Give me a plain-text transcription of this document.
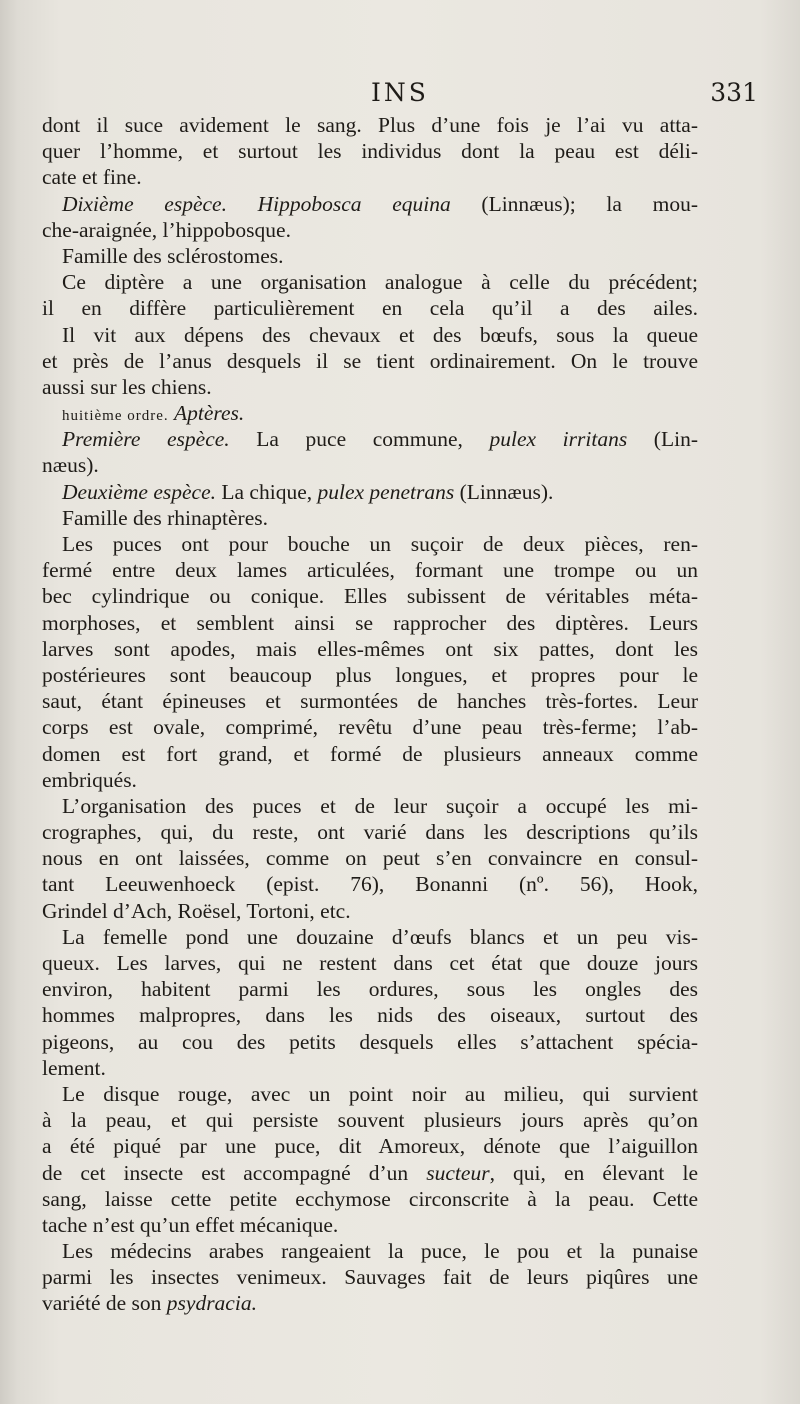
INS	331
dont il suce avidement le sang. Plus d’une fois je l’ai vu atta-
quer l’homme, et surtout les individus dont la peau est déli-
cate et fine.
Dixième espèce. Hippobosca equina (Linnæus); la mou-
che-araignée, l’hippobosque.
Famille des sclérostomes.
Ce diptère a une organisation analogue à celle du précédent;
il en diffère particulièrement en cela qu’il a des ailes.
Il vit aux dépens des chevaux et des bœufs, sous la queue
et près de l’anus desquels il se tient ordinairement. On le trouve
aussi sur les chiens.
huitième ordre. Aptères.
Première espèce. La puce commune, pulex irritans (Lin-
næus).
Deuxième espèce. La chique, pulex penetrans (Linnæus).
Famille des rhinaptères.
Les puces ont pour bouche un suçoir de deux pièces, ren-
fermé entre deux lames articulées, formant une trompe ou un
bec cylindrique ou conique. Elles subissent de véritables méta-
morphoses, et semblent ainsi se rapprocher des diptères. Leurs
larves sont apodes, mais elles-mêmes ont six pattes, dont les
postérieures sont beaucoup plus longues, et propres pour le
saut, étant épineuses et surmontées de hanches très-fortes. Leur
corps est ovale, comprimé, revêtu d’une peau très-ferme; l’ab-
domen est fort grand, et formé de plusieurs anneaux comme
embriqués.
L’organisation des puces et de leur suçoir a occupé les mi-
crographes, qui, du reste, ont varié dans les descriptions qu’ils
nous en ont laissées, comme on peut s’en convaincre en consul-
tant Leeuwenhoeck (epist. 76), Bonanni (nº. 56), Hook,
Grindel d’Ach, Roësel, Tortoni, etc.
La femelle pond une douzaine d’œufs blancs et un peu vis-
queux. Les larves, qui ne restent dans cet état que douze jours
environ, habitent parmi les ordures, sous les ongles des
hommes malpropres, dans les nids des oiseaux, surtout des
pigeons, au cou des petits desquels elles s’attachent spécia-
lement.
Le disque rouge, avec un point noir au milieu, qui survient
à la peau, et qui persiste souvent plusieurs jours après qu’on
a été piqué par une puce, dit Amoreux, dénote que l’aiguillon
de cet insecte est accompagné d’un sucteur, qui, en élevant le
sang, laisse cette petite ecchymose circonscrite à la peau. Cette
tache n’est qu’un effet mécanique.
Les médecins arabes rangeaient la puce, le pou et la punaise
parmi les insectes venimeux. Sauvages fait de leurs piqûres une
variété de son psydracia.
